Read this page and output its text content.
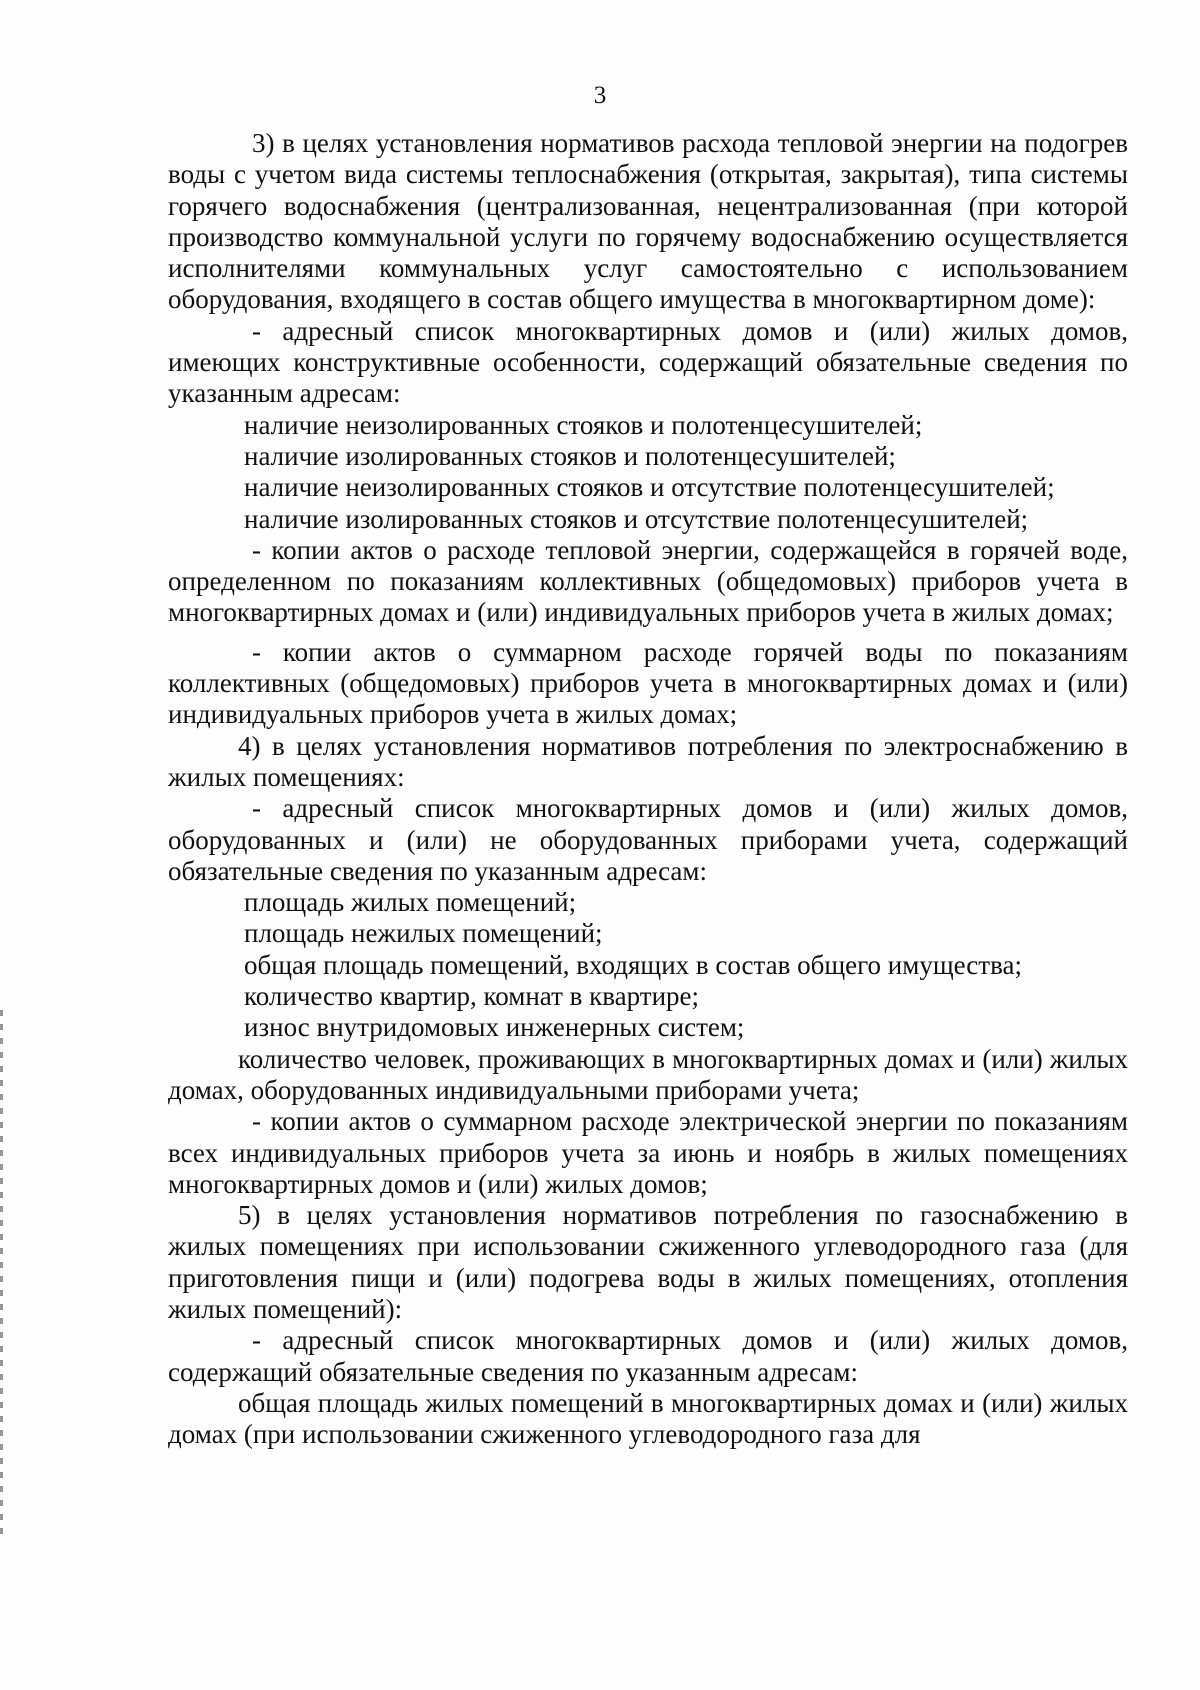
3

3) в целях установления нормативов расхода тепловой энергии на подогрев воды с учетом вида системы теплоснабжения (открытая, закрытая), типа системы горячего водоснабжения (централизованная, нецентрализованная (при которой производство коммунальной услуги по горячему водоснабжению осуществляется исполнителями коммунальных услуг самостоятельно с использованием оборудования, входящего в состав общего имущества в многоквартирном доме):

- адресный список многоквартирных домов и (или) жилых домов, имеющих конструктивные особенности, содержащий обязательные сведения по указанным адресам:

наличие неизолированных стояков и полотенцесушителей;

наличие изолированных стояков и полотенцесушителей;

наличие неизолированных стояков и отсутствие полотенцесушителей;

наличие изолированных стояков и отсутствие полотенцесушителей;

- копии актов о расходе тепловой энергии, содержащейся в горячей воде, определенном по показаниям коллективных (общедомовых) приборов учета в многоквартирных домах и (или) индивидуальных приборов учета в жилых домах;

- копии актов о суммарном расходе горячей воды по показаниям коллективных (общедомовых) приборов учета в многоквартирных домах и (или) индивидуальных приборов учета в жилых домах;

4) в целях установления нормативов потребления по электроснабжению в жилых помещениях:

- адресный список многоквартирных домов и (или) жилых домов, оборудованных и (или) не оборудованных приборами учета, содержащий обязательные сведения по указанным адресам:

площадь жилых помещений;

площадь нежилых помещений;

общая площадь помещений, входящих в состав общего имущества;

количество квартир, комнат в квартире;

износ внутридомовых инженерных систем;

количество человек, проживающих в многоквартирных домах и (или) жилых домах, оборудованных индивидуальными приборами учета;

- копии актов о суммарном расходе электрической энергии по показаниям всех индивидуальных приборов учета за июнь и ноябрь в жилых помещениях многоквартирных домов и (или) жилых домов;

5) в целях установления нормативов потребления по газоснабжению в жилых помещениях при использовании сжиженного углеводородного газа (для приготовления пищи и (или) подогрева воды в жилых помещениях, отопления жилых помещений):

- адресный список многоквартирных домов и (или) жилых домов, содержащий обязательные сведения по указанным адресам:

общая площадь жилых помещений в многоквартирных домах и (или) жилых домах (при использовании сжиженного углеводородного газа для
